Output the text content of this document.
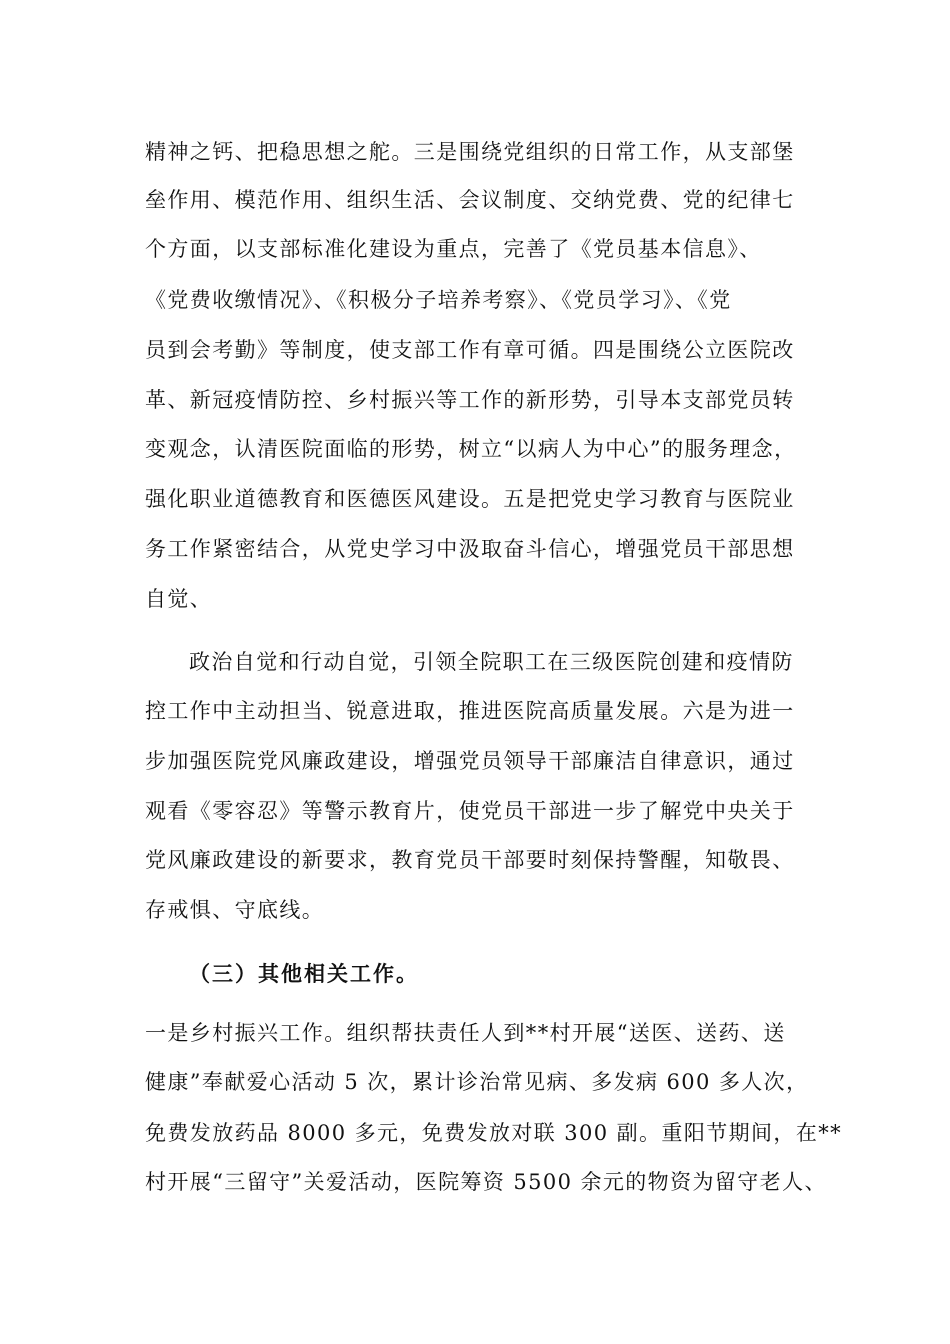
精神之钙、把稳思想之舵。三是围绕党组织的日常工作，从支部堡
垒作用、模范作用、组织生活、会议制度、交纳党费、党的纪律七
个方面，以支部标准化建设为重点，完善了《党员基本信息》、
《党费收缴情况》、《积极分子培养考察》、《党员学习》、《党
员到会考勤》等制度，使支部工作有章可循。四是围绕公立医院改
革、新冠疫情防控、乡村振兴等工作的新形势，引导本支部党员转
变观念，认清医院面临的形势，树立“以病人为中心”的服务理念，
强化职业道德教育和医德医风建设。五是把党史学习教育与医院业
务工作紧密结合，从党史学习中汲取奋斗信心，增强党员干部思想
自觉、
政治自觉和行动自觉，引领全院职工在三级医院创建和疫情防
控工作中主动担当、锐意进取，推进医院高质量发展。六是为进一
步加强医院党风廉政建设，增强党员领导干部廉洁自律意识，通过
观看《零容忍》等警示教育片，使党员干部进一步了解党中央关于
党风廉政建设的新要求，教育党员干部要时刻保持警醒，知敬畏、
存戒惧、守底线。
（三）其他相关工作。
一是乡村振兴工作。组织帮扶责任人到**村开展“送医、送药、送
健康”奉献爱心活动 5 次，累计诊治常见病、多发病 600 多人次，
免费发放药品 8000 多元，免费发放对联 300 副。重阳节期间，在**
村开展“三留守”关爱活动，医院筹资 5500 余元的物资为留守老人、
